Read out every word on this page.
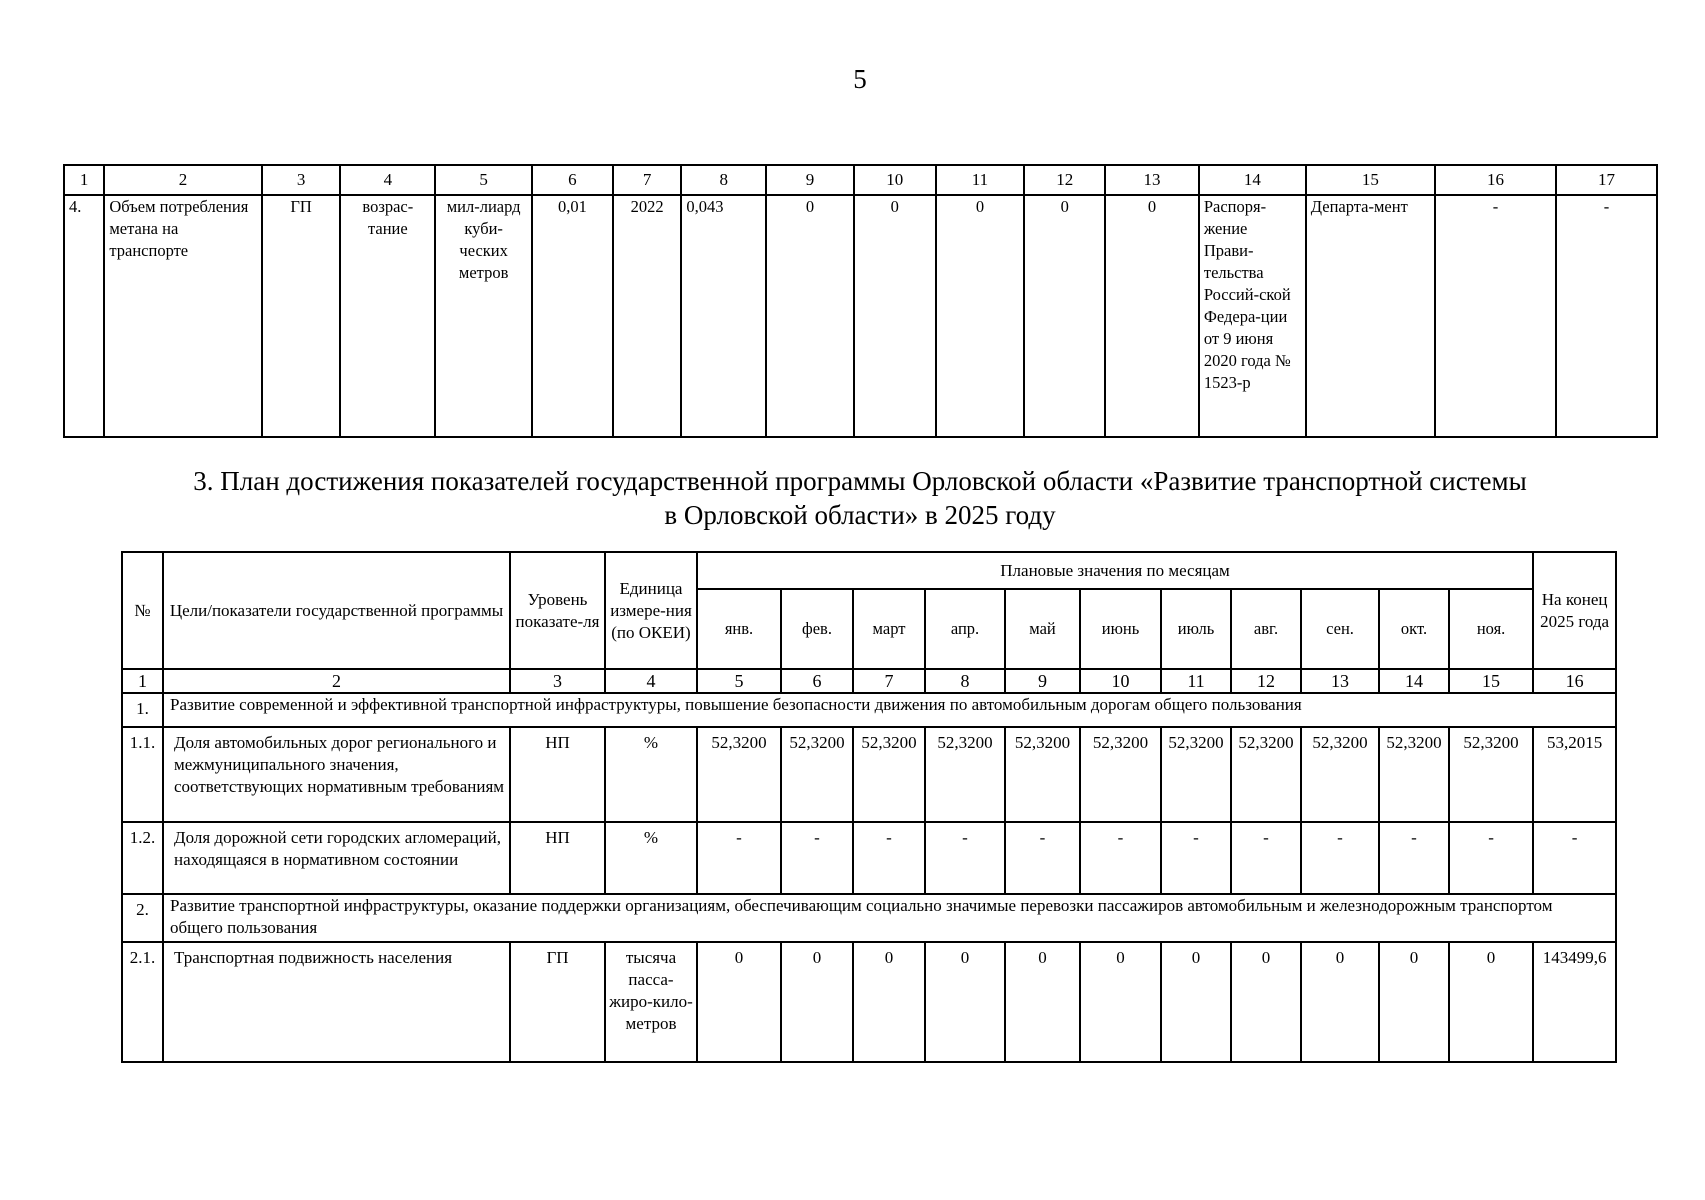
5
1	2	3	4	5	6	7	8	9	10	11	12	13	14	15	16	17
4.	Объем потребления метана на транспорте	ГП	возрас-тание	мил-лиард куби-ческих метров	0,01	2022	0,043	0	0	0	0	0	Распоря-жение Прави-тельства Россий-ской Федера-ции от 9 июня 2020 года № 1523-р	Департа-мент	-	-
3. План достижения показателей государственной программы Орловской области «Развитие транспортной системы
в Орловской области» в 2025 году
№	Цели/показатели государственной программы	Уровень показате-ля	Единица измере-ния (по ОКЕИ)	Плановые значения по месяцам											На конец 2025 года
				янв.	фев.	март	апр.	май	июнь	июль	авг.	сен.	окт.	ноя.	
1	2	3	4	5	6	7	8	9	10	11	12	13	14	15	16
1.	Развитие современной и эффективной транспортной инфраструктуры, повышение безопасности движения по автомобильным дорогам общего пользования														
1.1.	Доля автомобильных дорог регионального и межмуниципального значения, соответствующих нормативным требованиям	НП	%	52,3200	52,3200	52,3200	52,3200	52,3200	52,3200	52,3200	52,3200	52,3200	52,3200	52,3200	53,2015
1.2.	Доля дорожной сети городских агломераций, находящаяся в нормативном состоянии	НП	%	-	-	-	-	-	-	-	-	-	-	-	-
2.	Развитие транспортной инфраструктуры, оказание поддержки организациям, обеспечивающим социально значимые перевозки пассажиров автомобильным и железнодорожным транспортом общего пользования														
2.1.	Транспортная подвижность населения	ГП	тысяча пасса-жиро-кило-метров	0	0	0	0	0	0	0	0	0	0	0	143499,6
